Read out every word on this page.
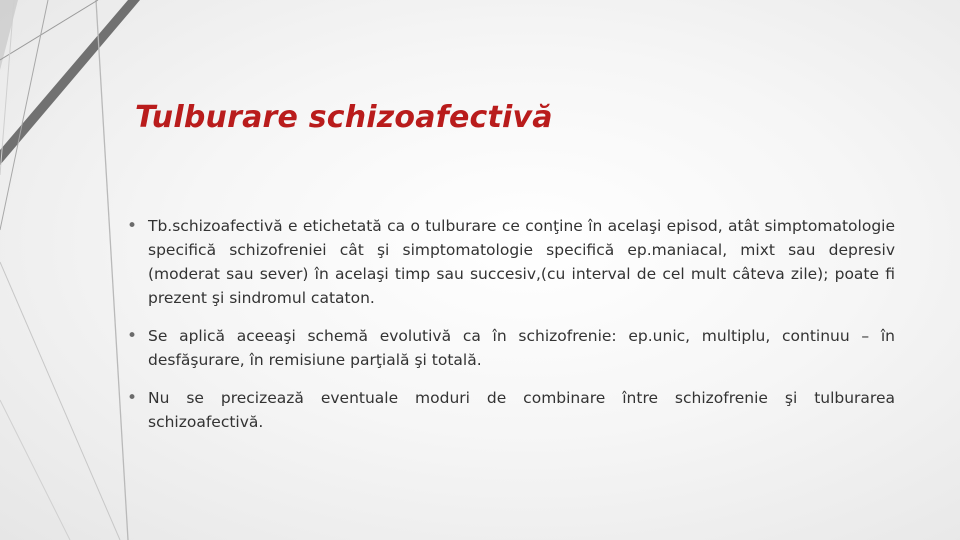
Tulburare schizoafectivă
• Tb.schizoafectivă e etichetată ca o tulburare ce conţine în acelaşi episod, atât simptomatologie specifică schizofreniei cât şi simptomatologie specifică ep.maniacal, mixt sau depresiv (moderat sau sever) în acelaşi timp sau succesiv,(cu interval de cel mult câteva zile); poate fi prezent şi sindromul cataton.
• Se aplică aceeaşi schemă evolutivă ca în schizofrenie: ep.unic, multiplu, continuu – în desfăşurare, în remisiune parţială şi totală.
• Nu se precizează eventuale moduri de combinare între schizofrenie şi tulburarea schizoafectivă.
